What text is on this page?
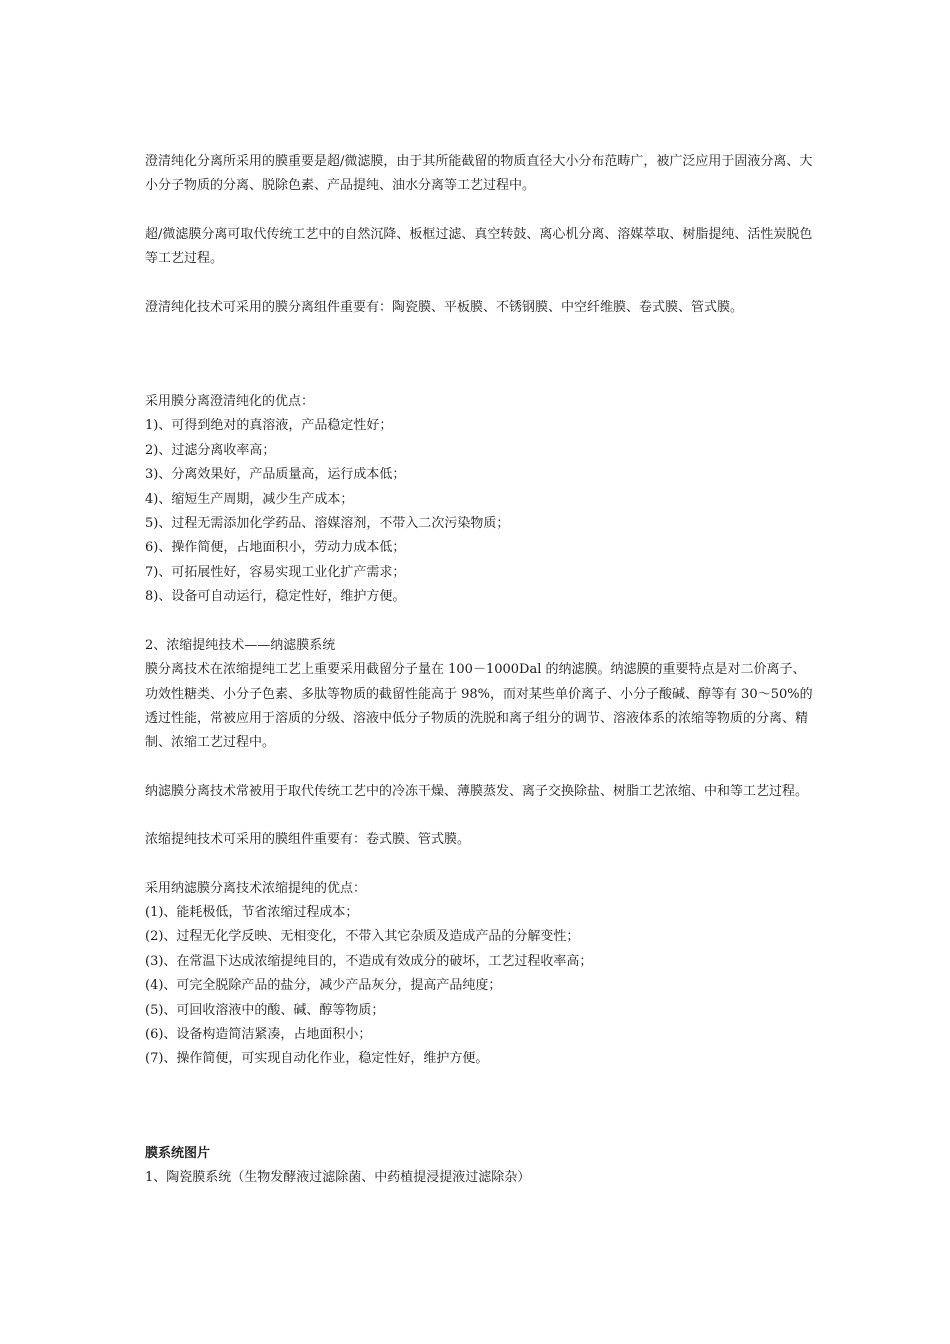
澄清纯化分离所采用的膜重要是超/微滤膜，由于其所能截留的物质直径大小分布范畴广，被广泛应用于固液分离、大小分子物质的分离、脱除色素、产品提纯、油水分离等工艺过程中。

超/微滤膜分离可取代传统工艺中的自然沉降、板框过滤、真空转鼓、离心机分离、溶媒萃取、树脂提纯、活性炭脱色等工艺过程。

澄清纯化技术可采用的膜分离组件重要有：陶瓷膜、平板膜、不锈钢膜、中空纤维膜、卷式膜、管式膜。

采用膜分离澄清纯化的优点：

1)、可得到绝对的真溶液，产品稳定性好；
2)、过滤分离收率高；
3)、分离效果好，产品质量高，运行成本低；
4)、缩短生产周期，减少生产成本；
5)、过程无需添加化学药品、溶媒溶剂，不带入二次污染物质；
6)、操作简便，占地面积小，劳动力成本低；
7)、可拓展性好，容易实现工业化扩产需求；
8)、设备可自动运行，稳定性好，维护方便。

2、浓缩提纯技术——纳滤膜系统

膜分离技术在浓缩提纯工艺上重要采用截留分子量在 100－1000Dal 的纳滤膜。纳滤膜的重要特点是对二价离子、功效性糖类、小分子色素、多肽等物质的截留性能高于 98%，而对某些单价离子、小分子酸碱、醇等有 30～50%的透过性能，常被应用于溶质的分级、溶液中低分子物质的洗脱和离子组分的调节、溶液体系的浓缩等物质的分离、精制、浓缩工艺过程中。

纳滤膜分离技术常被用于取代传统工艺中的冷冻干燥、薄膜蒸发、离子交换除盐、树脂工艺浓缩、中和等工艺过程。

浓缩提纯技术可采用的膜组件重要有：卷式膜、管式膜。

采用纳滤膜分离技术浓缩提纯的优点：

(1)、能耗极低，节省浓缩过程成本；
(2)、过程无化学反映、无相变化，不带入其它杂质及造成产品的分解变性；
(3)、在常温下达成浓缩提纯目的，不造成有效成分的破坏，工艺过程收率高；
(4)、可完全脱除产品的盐分，减少产品灰分，提高产品纯度；
(5)、可回收溶液中的酸、碱、醇等物质；
(6)、设备构造简洁紧凑，占地面积小；
(7)、操作简便，可实现自动化作业，稳定性好，维护方便。

膜系统图片

1、陶瓷膜系统（生物发酵液过滤除菌、中药植提浸提液过滤除杂）
